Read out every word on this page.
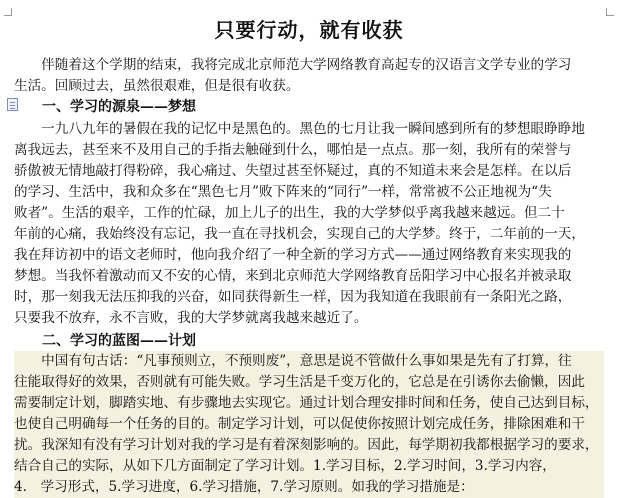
只要行动，就有收获
　　伴随着这个学期的结束，我将完成北京师范大学网络教育高起专的汉语言文学专业的学习
生活。回顾过去，虽然很艰难，但是很有收获。
　　一、学习的源泉——梦想
　　一九八九年的暑假在我的记忆中是黑色的。黑色的七月让我一瞬间感到所有的梦想眼睁睁地
离我远去，甚至来不及用自己的手指去触碰到什么，哪怕是一点点。那一刻，我所有的荣誉与
骄傲被无情地敲打得粉碎，我心痛过、失望过甚至怀疑过，真的不知道未来会是怎样。在以后
的学习、生活中，我和众多在“黑色七月”败下阵来的“同行”一样，常常被不公正地视为“失
败者”。生活的艰辛，工作的忙碌，加上儿子的出生，我的大学梦似乎离我越来越远。但二十
年前的心痛，我始终没有忘记，我一直在寻找机会，实现自己的大学梦。终于，二年前的一天，
我在拜访初中的语文老师时，他向我介绍了一种全新的学习方式——通过网络教育来实现我的
梦想。当我怀着激动而又不安的心情，来到北京师范大学网络教育岳阳学习中心报名并被录取
时，那一刻我无法压抑我的兴奋，如同获得新生一样，因为我知道在我眼前有一条阳光之路，
只要我不放弃，永不言败，我的大学梦就离我越来越近了。
　　二、学习的蓝图——计划
　　中国有句古话：“凡事预则立，不预则废”，意思是说不管做什么事如果是先有了打算，往
往能取得好的效果，否则就有可能失败。学习生活是千变万化的，它总是在引诱你去偷懒，因此
需要制定计划，脚踏实地、有步骤地去实现它。通过计划合理安排时间和任务，使自己达到目标，
也使自己明确每一个任务的目的。制定学习计划，可以促使你按照计划完成任务，排除困难和干
扰。我深知有没有学习计划对我的学习是有着深刻影响的。因此，每学期初我都根据学习的要求，
结合自己的实际，从如下几方面制定了学习计划。1.学习目标，2.学习时间，3.学习内容，
4.　学习形式，5.学习进度，6.学习措施，7.学习原则。如我的学习措施是：
